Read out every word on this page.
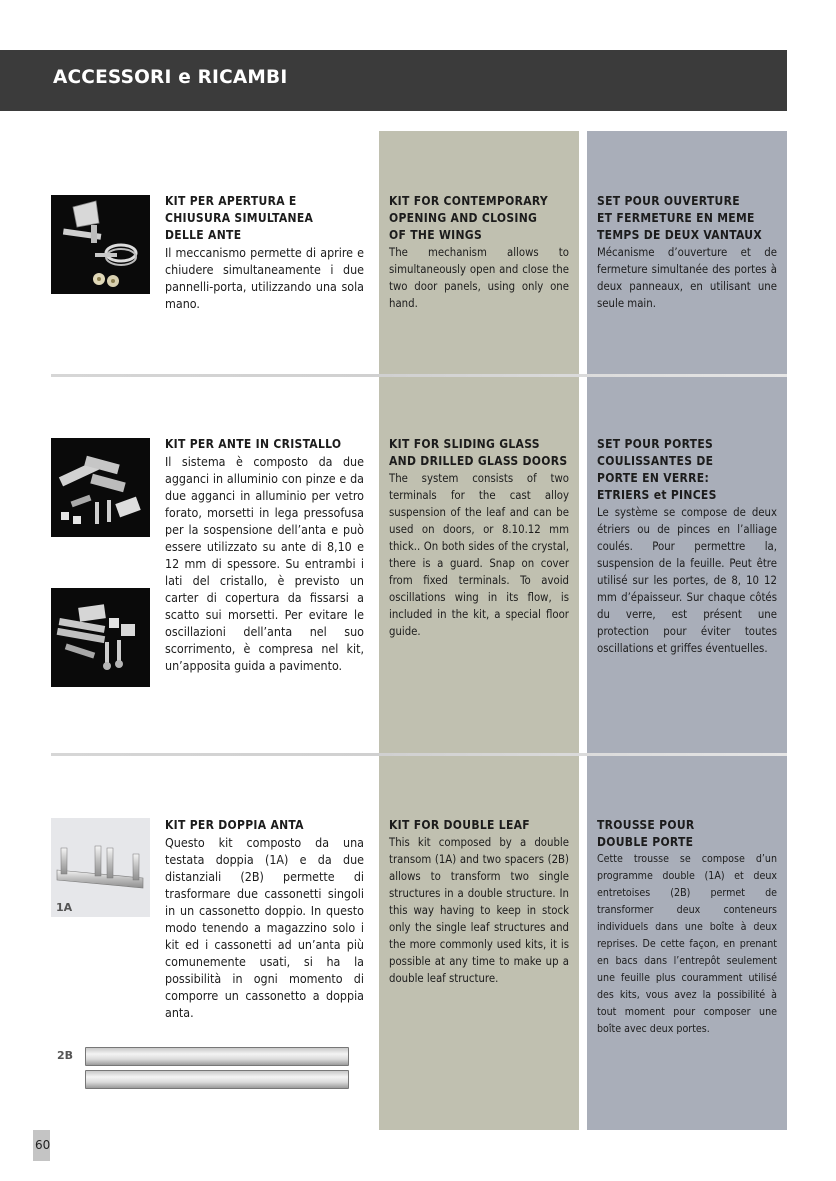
ACCESSORI e RICAMBI

KIT PER APERTURA E
CHIUSURA SIMULTANEA
DELLE ANTE

Il meccanismo permette di aprire e chiudere simultaneamente i due pannelli-porta, utilizzando una sola mano.

KIT FOR CONTEMPORARY
OPENING AND CLOSING
OF THE WINGS

The mechanism allows to simultaneously open and close the two door panels, using only one hand.

SET POUR OUVERTURE
ET FERMETURE EN MEME
TEMPS DE DEUX VANTAUX

Mécanisme d’ouverture et de fermeture simultanée des portes à deux panneaux, en utilisant une seule main.

KIT PER ANTE IN CRISTALLO

Il sistema è composto da due agganci in alluminio con pinze e da due agganci in alluminio per vetro forato, morsetti in lega pressofusa per la sospensione dell’anta e può essere utilizzato su ante di 8,10 e 12 mm di spessore. Su entrambi i lati del cristallo, è previsto un carter di copertura da fissarsi a scatto sui morsetti. Per evitare le oscillazioni dell’anta nel suo scorrimento, è compresa nel kit, un’apposita guida a pavimento.

KIT FOR SLIDING GLASS
AND DRILLED GLASS DOORS

The system consists of two terminals for the cast alloy suspension of the leaf and can be used on doors, or 8.10.12 mm thick.. On both sides of the crystal, there is a guard. Snap on cover from fixed terminals. To avoid oscillations wing in its flow, is included in the kit, a special floor guide.

SET POUR PORTES
COULISSANTES DE
PORTE EN VERRE:
ETRIERS et PINCES

Le système se compose de deux étriers ou de pinces en l’alliage coulés. Pour permettre la, suspension de la feuille. Peut être utilisé sur les portes, de 8, 10 12 mm d’épaisseur. Sur chaque côtés du verre, est présent une protection pour éviter toutes oscillations et griffes éventuelles.

1A

KIT PER DOPPIA ANTA

Questo kit composto da una testata doppia (1A) e da due distanziali (2B) permette di trasformare due cassonetti singoli in un cassonetto doppio. In questo modo tenendo a magazzino solo i kit ed i cassonetti ad un’anta più comunemente usati, si ha la possibilità in ogni momento di comporre un cassonetto a doppia anta.

KIT FOR DOUBLE LEAF

This kit composed by a double transom (1A) and two spacers (2B) allows to transform two single structures in a double structure. In this way having to keep in stock only the single leaf structures and the more commonly used kits, it is possible at any time to make up a double leaf structure.

TROUSSE POUR
DOUBLE PORTE

Cette trousse se compose d’un programme double (1A) et deux entretoises (2B) permet de transformer deux conteneurs individuels dans une boîte à deux reprises. De cette façon, en prenant en bacs dans l’entrepôt seulement une feuille plus couramment utilisé des kits, vous avez la possibilité à tout moment pour composer une boîte avec deux portes.

2B
60
